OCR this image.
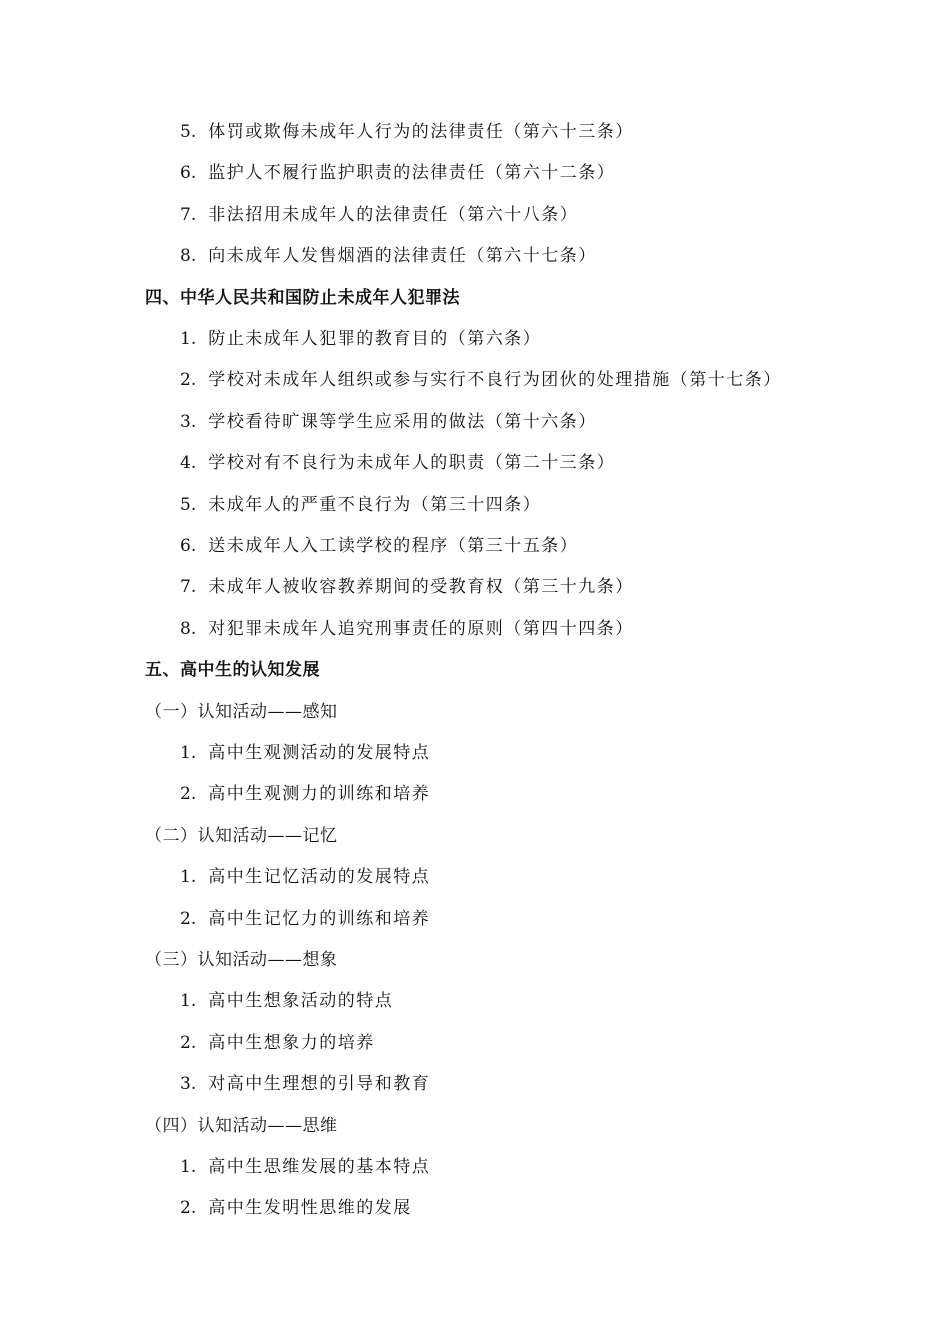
5. 体罚或欺侮未成年人行为的法律责任（第六十三条）
6. 监护人不履行监护职责的法律责任（第六十二条）
7. 非法招用未成年人的法律责任（第六十八条）
8. 向未成年人发售烟酒的法律责任（第六十七条）
四、中华人民共和国防止未成年人犯罪法
1. 防止未成年人犯罪的教育目的（第六条）
2. 学校对未成年人组织或参与实行不良行为团伙的处理措施（第十七条）
3. 学校看待旷课等学生应采用的做法（第十六条）
4. 学校对有不良行为未成年人的职责（第二十三条）
5. 未成年人的严重不良行为（第三十四条）
6. 送未成年人入工读学校的程序（第三十五条）
7. 未成年人被收容教养期间的受教育权（第三十九条）
8. 对犯罪未成年人追究刑事责任的原则（第四十四条）
五、高中生的认知发展
（一）认知活动——感知
1. 高中生观测活动的发展特点
2. 高中生观测力的训练和培养
（二）认知活动——记忆
1. 高中生记忆活动的发展特点
2. 高中生记忆力的训练和培养
（三）认知活动——想象
1. 高中生想象活动的特点
2. 高中生想象力的培养
3. 对高中生理想的引导和教育
（四）认知活动——思维
1. 高中生思维发展的基本特点
2. 高中生发明性思维的发展
